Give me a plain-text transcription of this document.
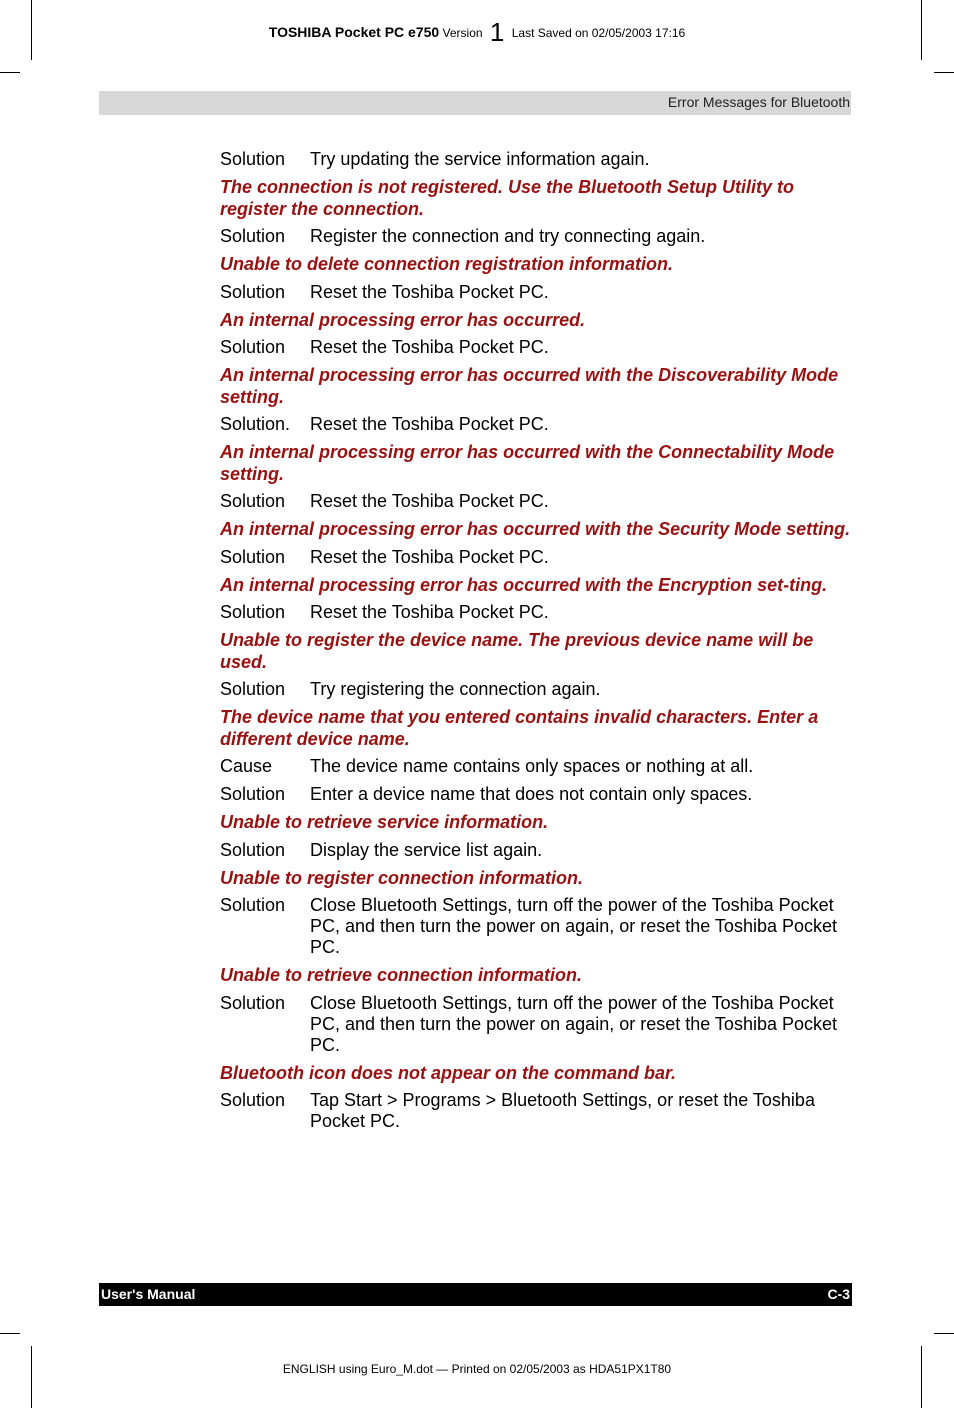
TOSHIBA Pocket PC e750 Version 1 Last Saved on 02/05/2003 17:16
Error Messages for Bluetooth
Solution	Try updating the service information again.
The connection is not registered. Use the Bluetooth Setup Utility to register the connection.
Solution	Register the connection and try connecting again.
Unable to delete connection registration information.
Solution	Reset the Toshiba Pocket PC.
An internal processing error has occurred.
Solution	Reset the Toshiba Pocket PC.
An internal processing error has occurred with the Discoverability Mode setting.
Solution.	Reset the Toshiba Pocket PC.
An internal processing error has occurred with the Connectability Mode setting.
Solution	Reset the Toshiba Pocket PC.
An internal processing error has occurred with the Security Mode setting.
Solution	Reset the Toshiba Pocket PC.
An internal processing error has occurred with the Encryption set-ting.
Solution	Reset the Toshiba Pocket PC.
Unable to register the device name. The previous device name will be used.
Solution	Try registering the connection again.
The device name that you entered contains invalid characters. Enter a different device name.
Cause	The device name contains only spaces or nothing at all.
Solution	Enter a device name that does not contain only spaces.
Unable to retrieve service information.
Solution	Display the service list again.
Unable to register connection information.
Solution	Close Bluetooth Settings, turn off the power of the Toshiba Pocket PC, and then turn the power on again, or reset the Toshiba Pocket PC.
Unable to retrieve connection information.
Solution	Close Bluetooth Settings, turn off the power of the Toshiba Pocket PC, and then turn the power on again, or reset the Toshiba Pocket PC.
Bluetooth icon does not appear on the command bar.
Solution	Tap Start > Programs > Bluetooth Settings, or reset the Toshiba Pocket PC.
User's Manual	C-3
ENGLISH using Euro_M.dot — Printed on 02/05/2003 as HDA51PX1T80
